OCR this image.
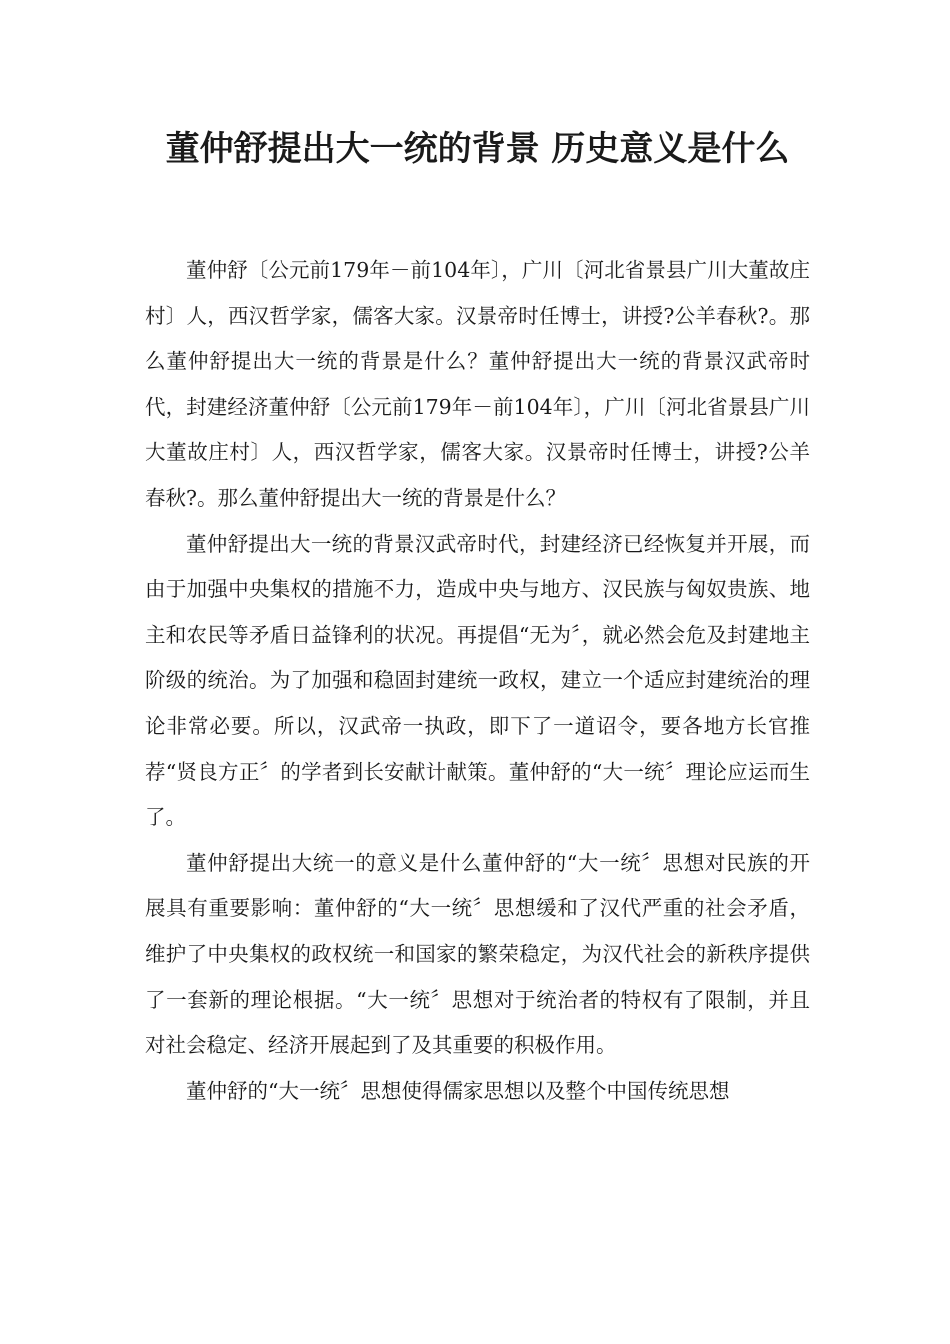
董仲舒提出大一统的背景 历史意义是什么

董仲舒〔公元前179年－前104年〕，广川〔河北省景县广川大董故庄村〕人，西汉哲学家，儒客大家。汉景帝时任博士，讲授?公羊春秋?。那么董仲舒提出大一统的背景是什么？董仲舒提出大一统的背景汉武帝时代，封建经济董仲舒〔公元前179年－前104年〕，广川〔河北省景县广川大董故庄村〕人，西汉哲学家，儒客大家。汉景帝时任博士，讲授?公羊春秋?。那么董仲舒提出大一统的背景是什么？

董仲舒提出大一统的背景汉武帝时代，封建经济已经恢复并开展，而由于加强中央集权的措施不力，造成中央与地方、汉民族与匈奴贵族、地主和农民等矛盾日益锋利的状况。再提倡“无为〞，就必然会危及封建地主阶级的统治。为了加强和稳固封建统一政权，建立一个适应封建统治的理论非常必要。所以，汉武帝一执政，即下了一道诏令，要各地方长官推荐“贤良方正〞的学者到长安献计献策。董仲舒的“大一统〞理论应运而生了。

董仲舒提出大统一的意义是什么董仲舒的“大一统〞思想对民族的开展具有重要影响：董仲舒的“大一统〞思想缓和了汉代严重的社会矛盾，维护了中央集权的政权统一和国家的繁荣稳定，为汉代社会的新秩序提供了一套新的理论根据。“大一统〞思想对于统治者的特权有了限制，并且对社会稳定、经济开展起到了及其重要的积极作用。

董仲舒的“大一统〞思想使得儒家思想以及整个中国传统思想
